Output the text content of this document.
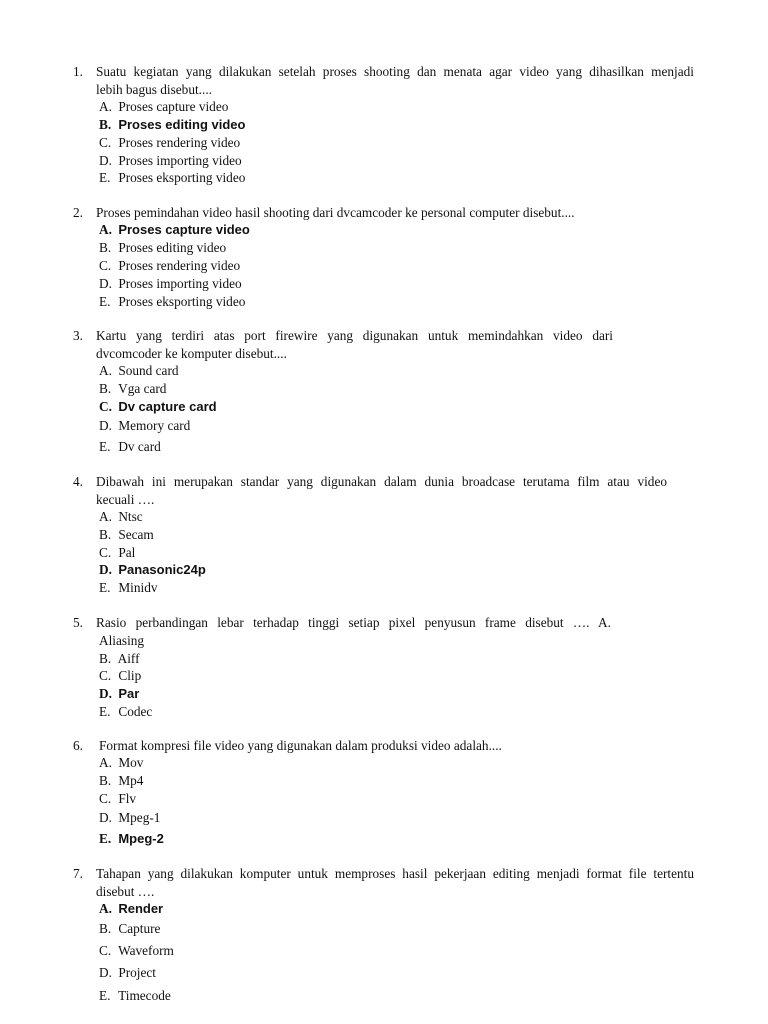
1. Suatu kegiatan yang dilakukan setelah proses shooting dan menata agar video yang dihasilkan menjadi
lebih bagus disebut....
A. Proses capture video
B. Proses editing video
C. Proses rendering video
D. Proses importing video
E. Proses eksporting video
2. Proses pemindahan video hasil shooting dari dvcamcoder ke personal computer disebut....
A. Proses capture video
B. Proses editing video
C. Proses rendering video
D. Proses importing video
E. Proses eksporting video
3. Kartu yang terdiri atas port firewire yang digunakan untuk memindahkan video dari
dvcomcoder ke komputer disebut....
A. Sound card
B. Vga card
C. Dv capture card
D. Memory card
E. Dv card
4. Dibawah ini merupakan standar yang digunakan dalam dunia broadcase terutama film atau video
kecuali ….
A. Ntsc
B. Secam
C. Pal
D. Panasonic24p
E. Minidv
5. Rasio perbandingan lebar terhadap tinggi setiap pixel penyusun frame disebut …. A.
Aliasing
B. Aiff
C. Clip
D. Par
E. Codec
6. Format kompresi file video yang digunakan dalam produksi video adalah....
A. Mov
B. Mp4
C. Flv
D. Mpeg-1
E. Mpeg-2
7. Tahapan yang dilakukan komputer untuk memproses hasil pekerjaan editing menjadi format file tertentu
disebut ….
A. Render
B. Capture
C. Waveform
D. Project
E. Timecode
